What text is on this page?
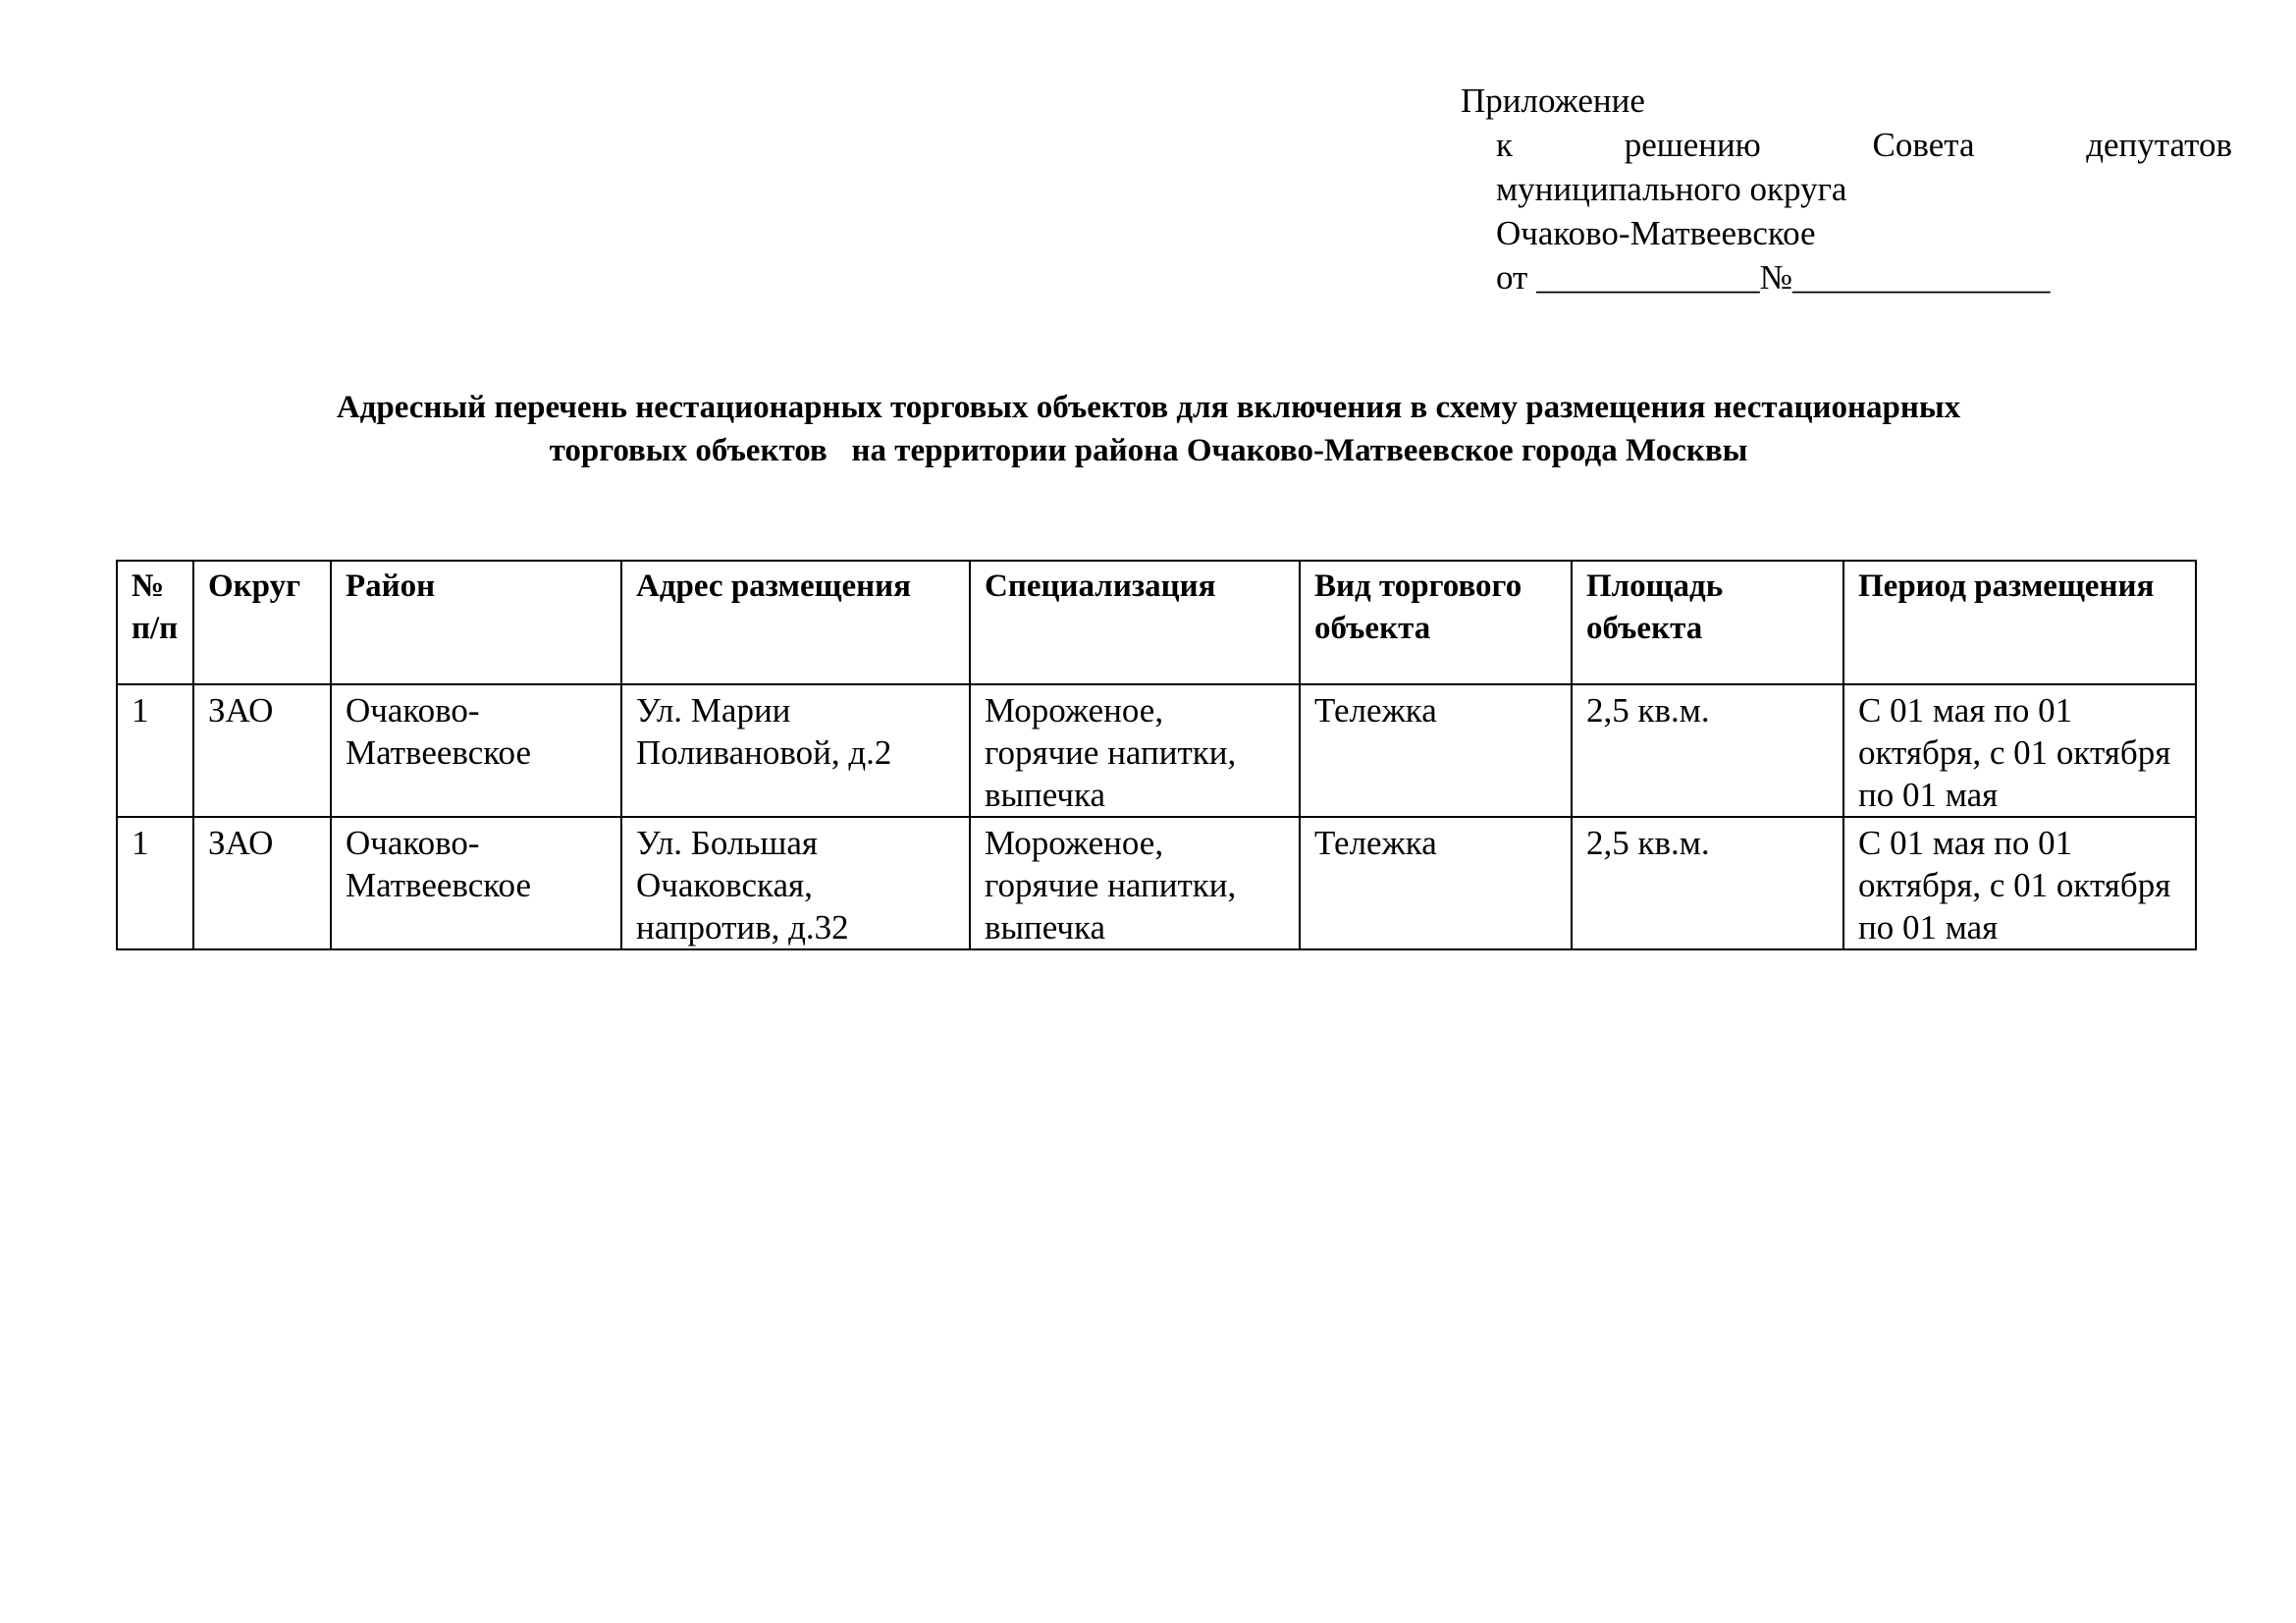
Приложение
к	решению	Совета	депутатов
муниципального округа
Очаково-Матвеевское
от _____________№_______________
Адресный перечень нестационарных торговых объектов для включения в схему размещения нестационарных
торговых объектов   на территории района Очаково-Матвеевское города Москвы
№ п/п	Округ	Район	Адрес размещения	Специализация	Вид торгового объекта	Площадь объекта	Период размещения
1	ЗАО	Очаково-Матвеевское	Ул. Марии Поливановой, д.2	Мороженое, горячие напитки, выпечка	Тележка	2,5 кв.м.	С 01 мая по 01 октября, с 01 октября по 01 мая
1	ЗАО	Очаково-Матвеевское	Ул. Большая Очаковская, напротив, д.32	Мороженое, горячие напитки, выпечка	Тележка	2,5 кв.м.	С 01 мая по 01 октября, с 01 октября по 01 мая
